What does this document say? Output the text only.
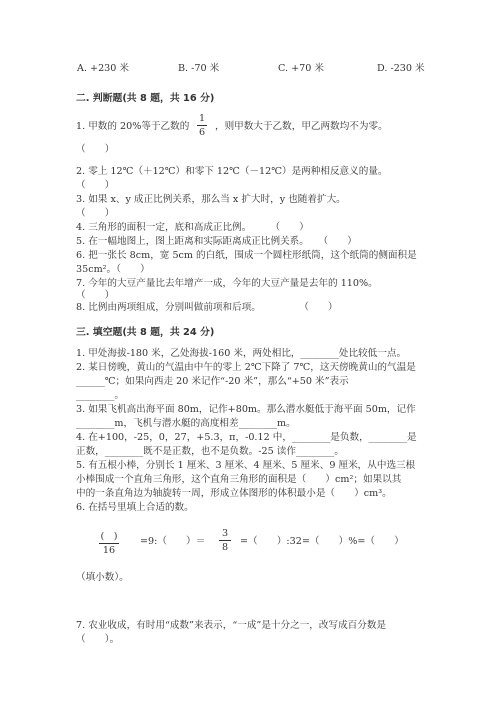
A. +230 米	B. -70 米	C. +70 米	D. -230 米
二. 判断题(共 8 题，共 16 分)
1. 甲数的 20%等于乙数的
1
6
，则甲数大于乙数，甲乙两数均不为零。
（　　）
2. 零上 12℃（＋12℃）和零下 12℃（－12℃）是两种相反意义的量。
（　　）
3. 如果 x、y 成正比例关系，那么当 x 扩大时，y 也随着扩大。
（　　）
4. 三角形的面积一定，底和高成正比例。　　　（　　）
5. 在一幅地图上，图上距离和实际距离成正比例关系。　　（　　）
6. 把一张长 8cm，宽 5cm 的白纸，围成一个圆柱形纸筒，这个纸筒的侧面积是
35cm²。（　　）
7. 今年的大豆产量比去年增产一成，今年的大豆产量是去年的 110%。
8. 比例由两项组成，分别叫做前项和后项。　　　　　（　　）
三. 填空题(共 8 题，共 24 分)
1. 甲处海拔-180 米，乙处海拔-160 米，两处相比，________处比较低一点。
2. 某日傍晚，黄山的气温由中午的零上 2℃下降了 7℃，这天傍晚黄山的气温是
______℃；如果向西走 20 米记作“-20 米”，那么“+50 米”表示
________。
3. 如果飞机高出海平面 80m，记作+80m。那么潜水艇低于海平面 50m，记作
________m，飞机与潜水艇的高度相差________m。
4. 在+100，-25，0，27，+5.3，π，-0.12 中，________是负数，________是
正数，________既不是正数，也不是负数。-25 读作________。
5. 有五根小棒，分别长 1 厘米、3 厘米、4 厘米、5 厘米、9 厘米，从中选三根
小棒围成一个直角三角形，这个直角三角形的面积是（　　）cm²；如果以其
中的一条直角边为轴旋转一周，形成立体图形的体积最小是（　　）cm³。
6. 在括号里填上合适的数。
(　)
16
=9:（　　）＝
3
8
=（　　）:32=（　　）%=（　　）
（填小数）。
7. 农业收成，有时用“成数”来表示，“一成”是十分之一，改写成百分数是
（　　）。
（　　）
